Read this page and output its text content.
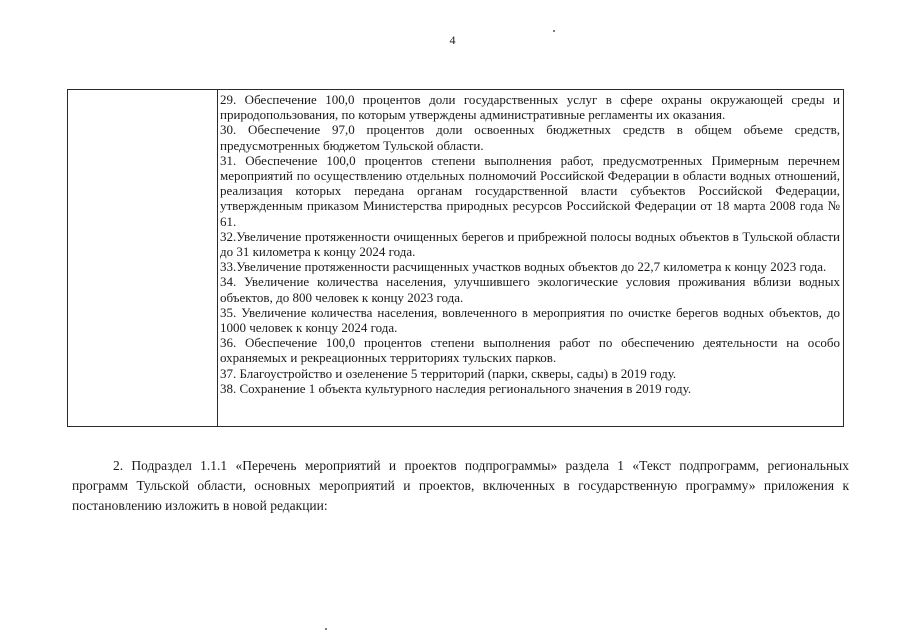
4

29. Обеспечение 100,0 процентов доли государственных услуг в сфере охраны окружающей среды и природопользования, по которым утверждены административные регламенты их оказания.

30. Обеспечение 97,0 процентов доли освоенных бюджетных средств в общем объеме средств, предусмотренных бюджетом Тульской области.

31. Обеспечение 100,0 процентов степени выполнения работ, предусмотренных Примерным перечнем мероприятий по осуществлению отдельных полномочий Российской Федерации в области водных отношений, реализация которых передана органам государственной власти субъектов Российской Федерации, утвержденным приказом Министерства природных ресурсов Российской Федерации от 18 марта 2008 года № 61.

32.Увеличение протяженности очищенных берегов и прибрежной полосы водных объектов в Тульской области до 31 километра к концу 2024 года.

33.Увеличение протяженности расчищенных участков водных объектов до 22,7 километра к концу 2023 года.

34. Увеличение количества населения, улучшившего экологические условия проживания вблизи водных объектов, до 800 человек к концу 2023 года.

35. Увеличение количества населения, вовлеченного в мероприятия по очистке берегов водных объектов, до 1000 человек к концу 2024 года.

36. Обеспечение 100,0 процентов степени выполнения работ по обеспечению деятельности на особо охраняемых и рекреационных территориях тульских парков.

37. Благоустройство и озеленение 5 территорий (парки, скверы, сады) в 2019 году.

38. Сохранение 1 объекта культурного наследия регионального значения в 2019 году.

2. Подраздел 1.1.1 «Перечень мероприятий и проектов подпрограммы» раздела 1 «Текст подпрограмм, региональных программ Тульской области, основных мероприятий и проектов, включенных в государственную программу» приложения к постановлению изложить в новой редакции:
